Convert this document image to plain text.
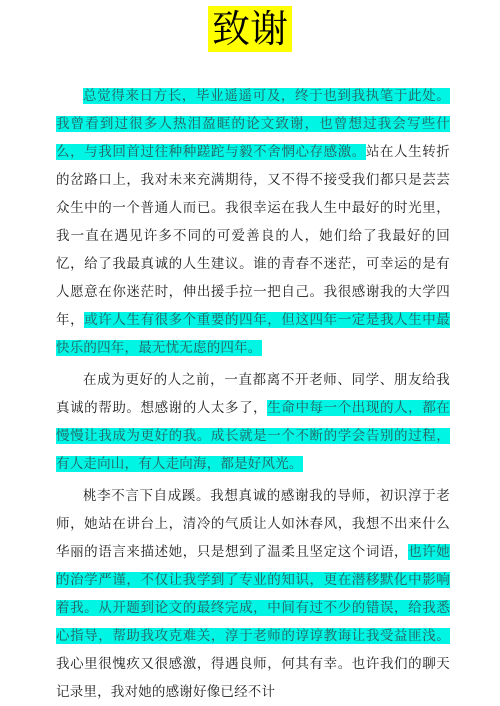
致谢

总觉得来日方长，毕业遥遥可及，终于也到我执笔于此处。我曾看到过很多人热泪盈眶的论文致谢，也曾想过我会写些什么，与我回首过往种种蹉跎与毅不舍惘心存感激。站在人生转折的岔路口上，我对未来充满期待，又不得不接受我们都只是芸芸众生中的一个普通人而已。我很幸运在我人生中最好的时光里，我一直在遇见许多不同的可爱善良的人，她们给了我最好的回忆，给了我最真诚的人生建议。谁的青春不迷茫，可幸运的是有人愿意在你迷茫时，伸出援手拉一把自己。我很感谢我的大学四年，或许人生有很多个重要的四年，但这四年一定是我人生中最快乐的四年，最无忧无虑的四年。

在成为更好的人之前，一直都离不开老师、同学、朋友给我真诚的帮助。想感谢的人太多了，生命中每一个出现的人，都在慢慢让我成为更好的我。成长就是一个不断的学会告别的过程，有人走向山，有人走向海，都是好风光。

桃李不言下自成蹊。我想真诚的感谢我的导师，初识淳于老师，她站在讲台上，清冷的气质让人如沐春风，我想不出来什么华丽的语言来描述她，只是想到了温柔且坚定这个词语，也许她的治学严谨，不仅让我学到了专业的知识，更在潜移默化中影响着我。从开题到论文的最终完成，中间有过不少的错误，给我悉心指导，帮助我攻克难关，淳于老师的谆谆教诲让我受益匪浅。我心里很愧疚又很感激，得遇良师，何其有幸。也许我们的聊天记录里，我对她的感谢好像已经不计
